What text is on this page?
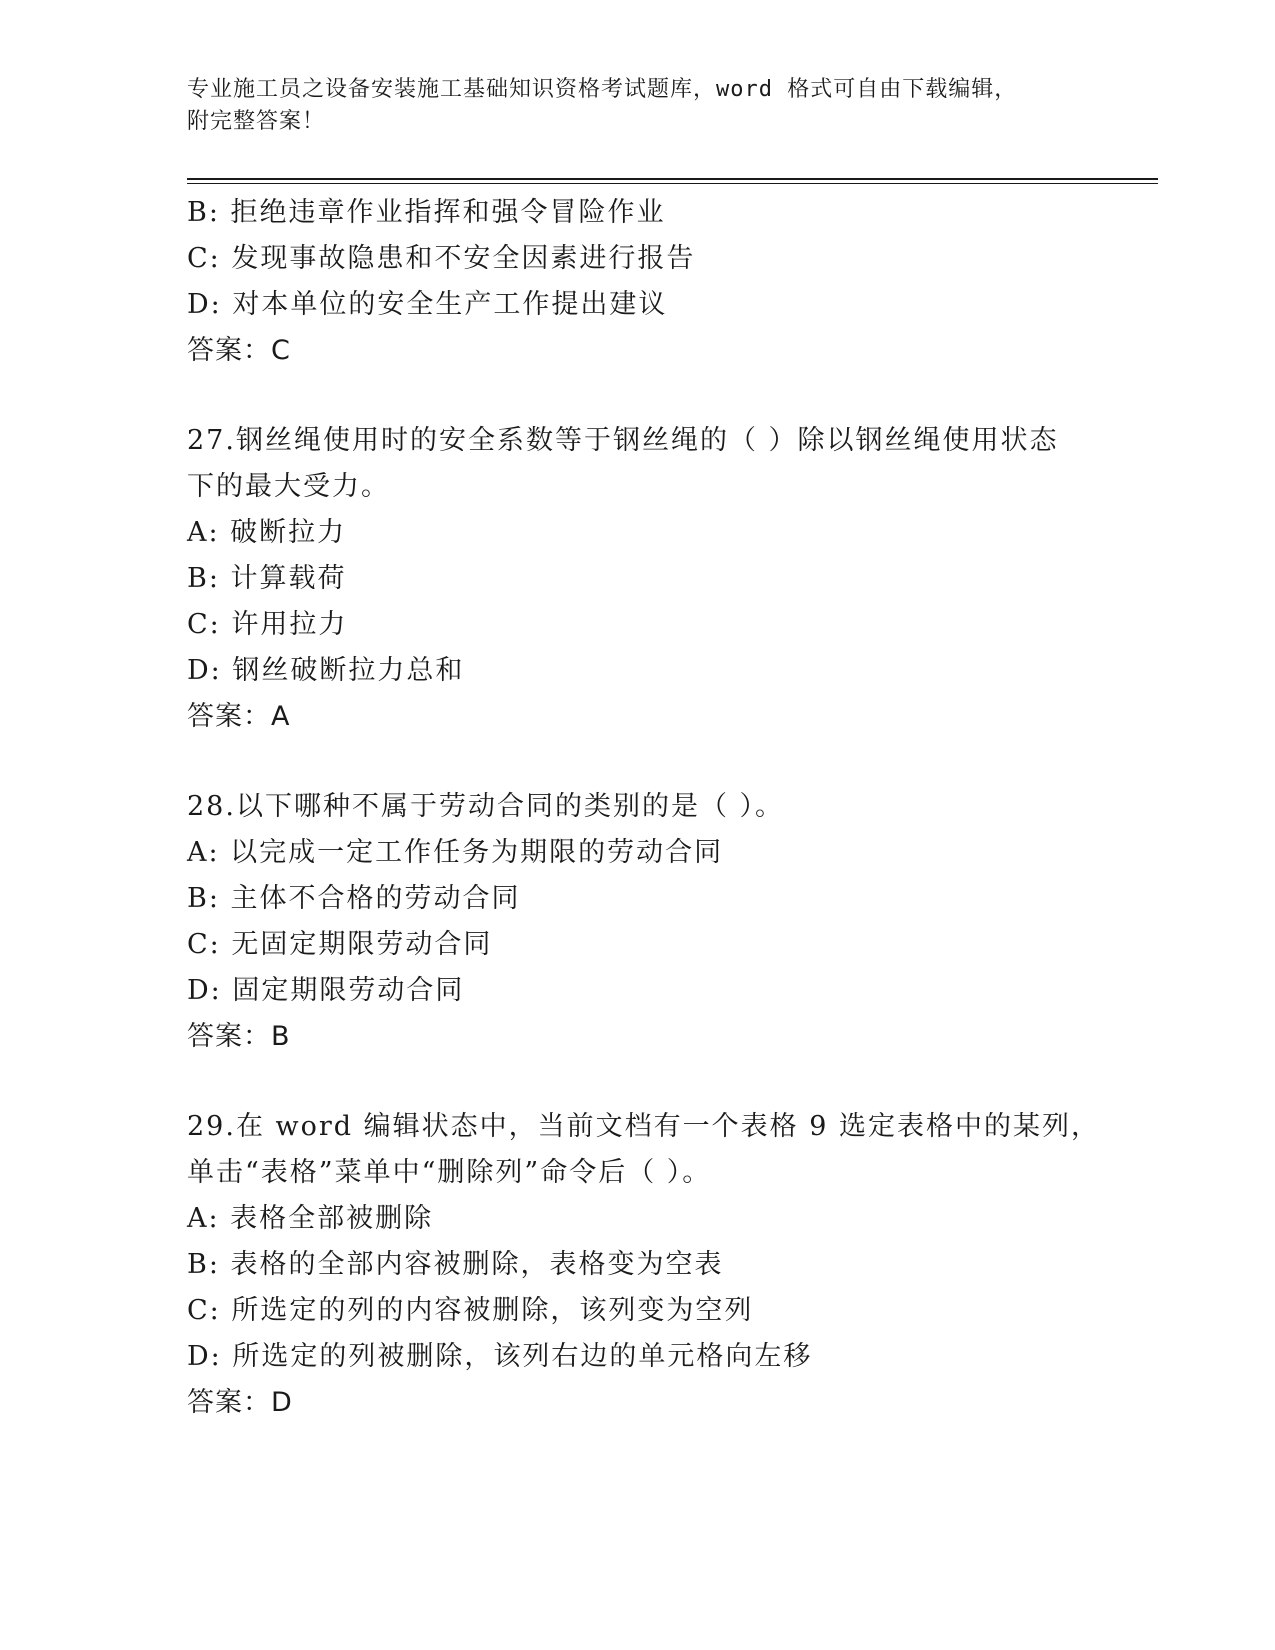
专业施工员之设备安装施工基础知识资格考试题库，word 格式可自由下载编辑，
附完整答案！
B: 拒绝违章作业指挥和强令冒险作业
C: 发现事故隐患和不安全因素进行报告
D: 对本单位的安全生产工作提出建议
答案：C
27.钢丝绳使用时的安全系数等于钢丝绳的（ ）除以钢丝绳使用状态
下的最大受力。
A: 破断拉力
B: 计算载荷
C: 许用拉力
D: 钢丝破断拉力总和
答案：A
28.以下哪种不属于劳动合同的类别的是（ ）。
A: 以完成一定工作任务为期限的劳动合同
B: 主体不合格的劳动合同
C: 无固定期限劳动合同
D: 固定期限劳动合同
答案：B
29.在 word 编辑状态中，当前文档有一个表格 9 选定表格中的某列，
单击“表格”菜单中“删除列”命令后（ ）。
A: 表格全部被删除
B: 表格的全部内容被删除，表格变为空表
C: 所选定的列的内容被删除，该列变为空列
D: 所选定的列被删除，该列右边的单元格向左移
答案：D
